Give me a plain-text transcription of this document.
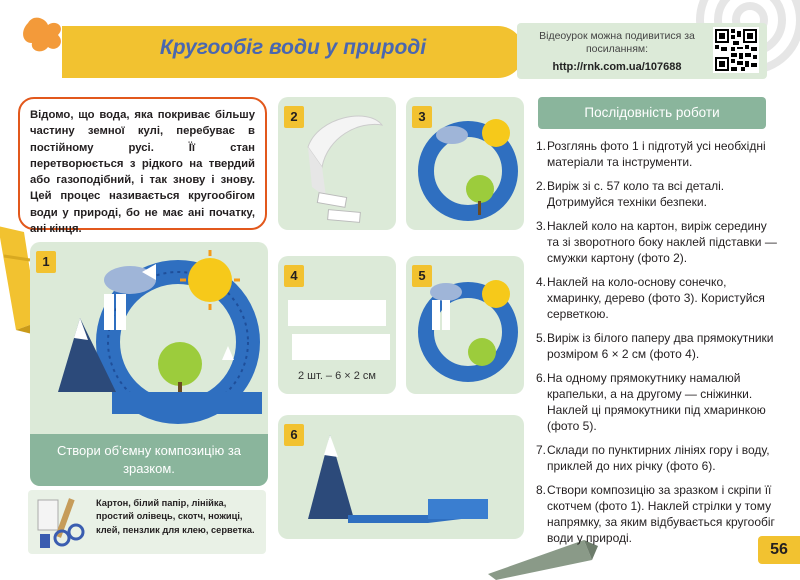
Кругообіг води у природі	Відеоурок можна подивитися за посиланням:
http://rnk.com.ua/107688
Відомо, що вода, яка покриває більшу частину земної кулі, перебуває в постійному русі. Її стан перетворюється з рідкого на твердий або газоподібний, і так знову і знову. Цей процес називається кругообігом води у природі, бо не має ані початку, ані кінця.
1
Створи об’ємну композицію за зразком.
2	3
4
2 шт. – 6 × 2 см
5
6
Картон, білий папір, лінійка, простий олівець, скотч, ножиці, клей, пензлик для клею, серветка.
Послідовність роботи
1. Розглянь фото 1 і підготуй усі необхідні матеріали та інструменти.
2. Виріж зі с. 57 коло та всі деталі. Дотримуйся техніки безпеки.
3. Наклей коло на картон, виріж середину та зі зворотного боку наклей підставки — смужки картону (фото 2).
4. Наклей на коло-основу сонечко, хмаринку, дерево (фото 3). Користуйся серветкою.
5. Виріж із білого паперу два прямокутники розміром 6 × 2 см (фото 4).
6. На одному прямокутнику намалюй крапельки, а на другому — сніжинки. Наклей ці прямокутники під хмаринкою (фото 5).
7. Склади по пунктирних лініях гору і воду, приклей до них річку (фото 6).
8. Створи композицію за зразком і скріпи її скотчем (фото 1). Наклей стрілки у тому напрямку, за яким відбувається кругообіг води у природі.
56
